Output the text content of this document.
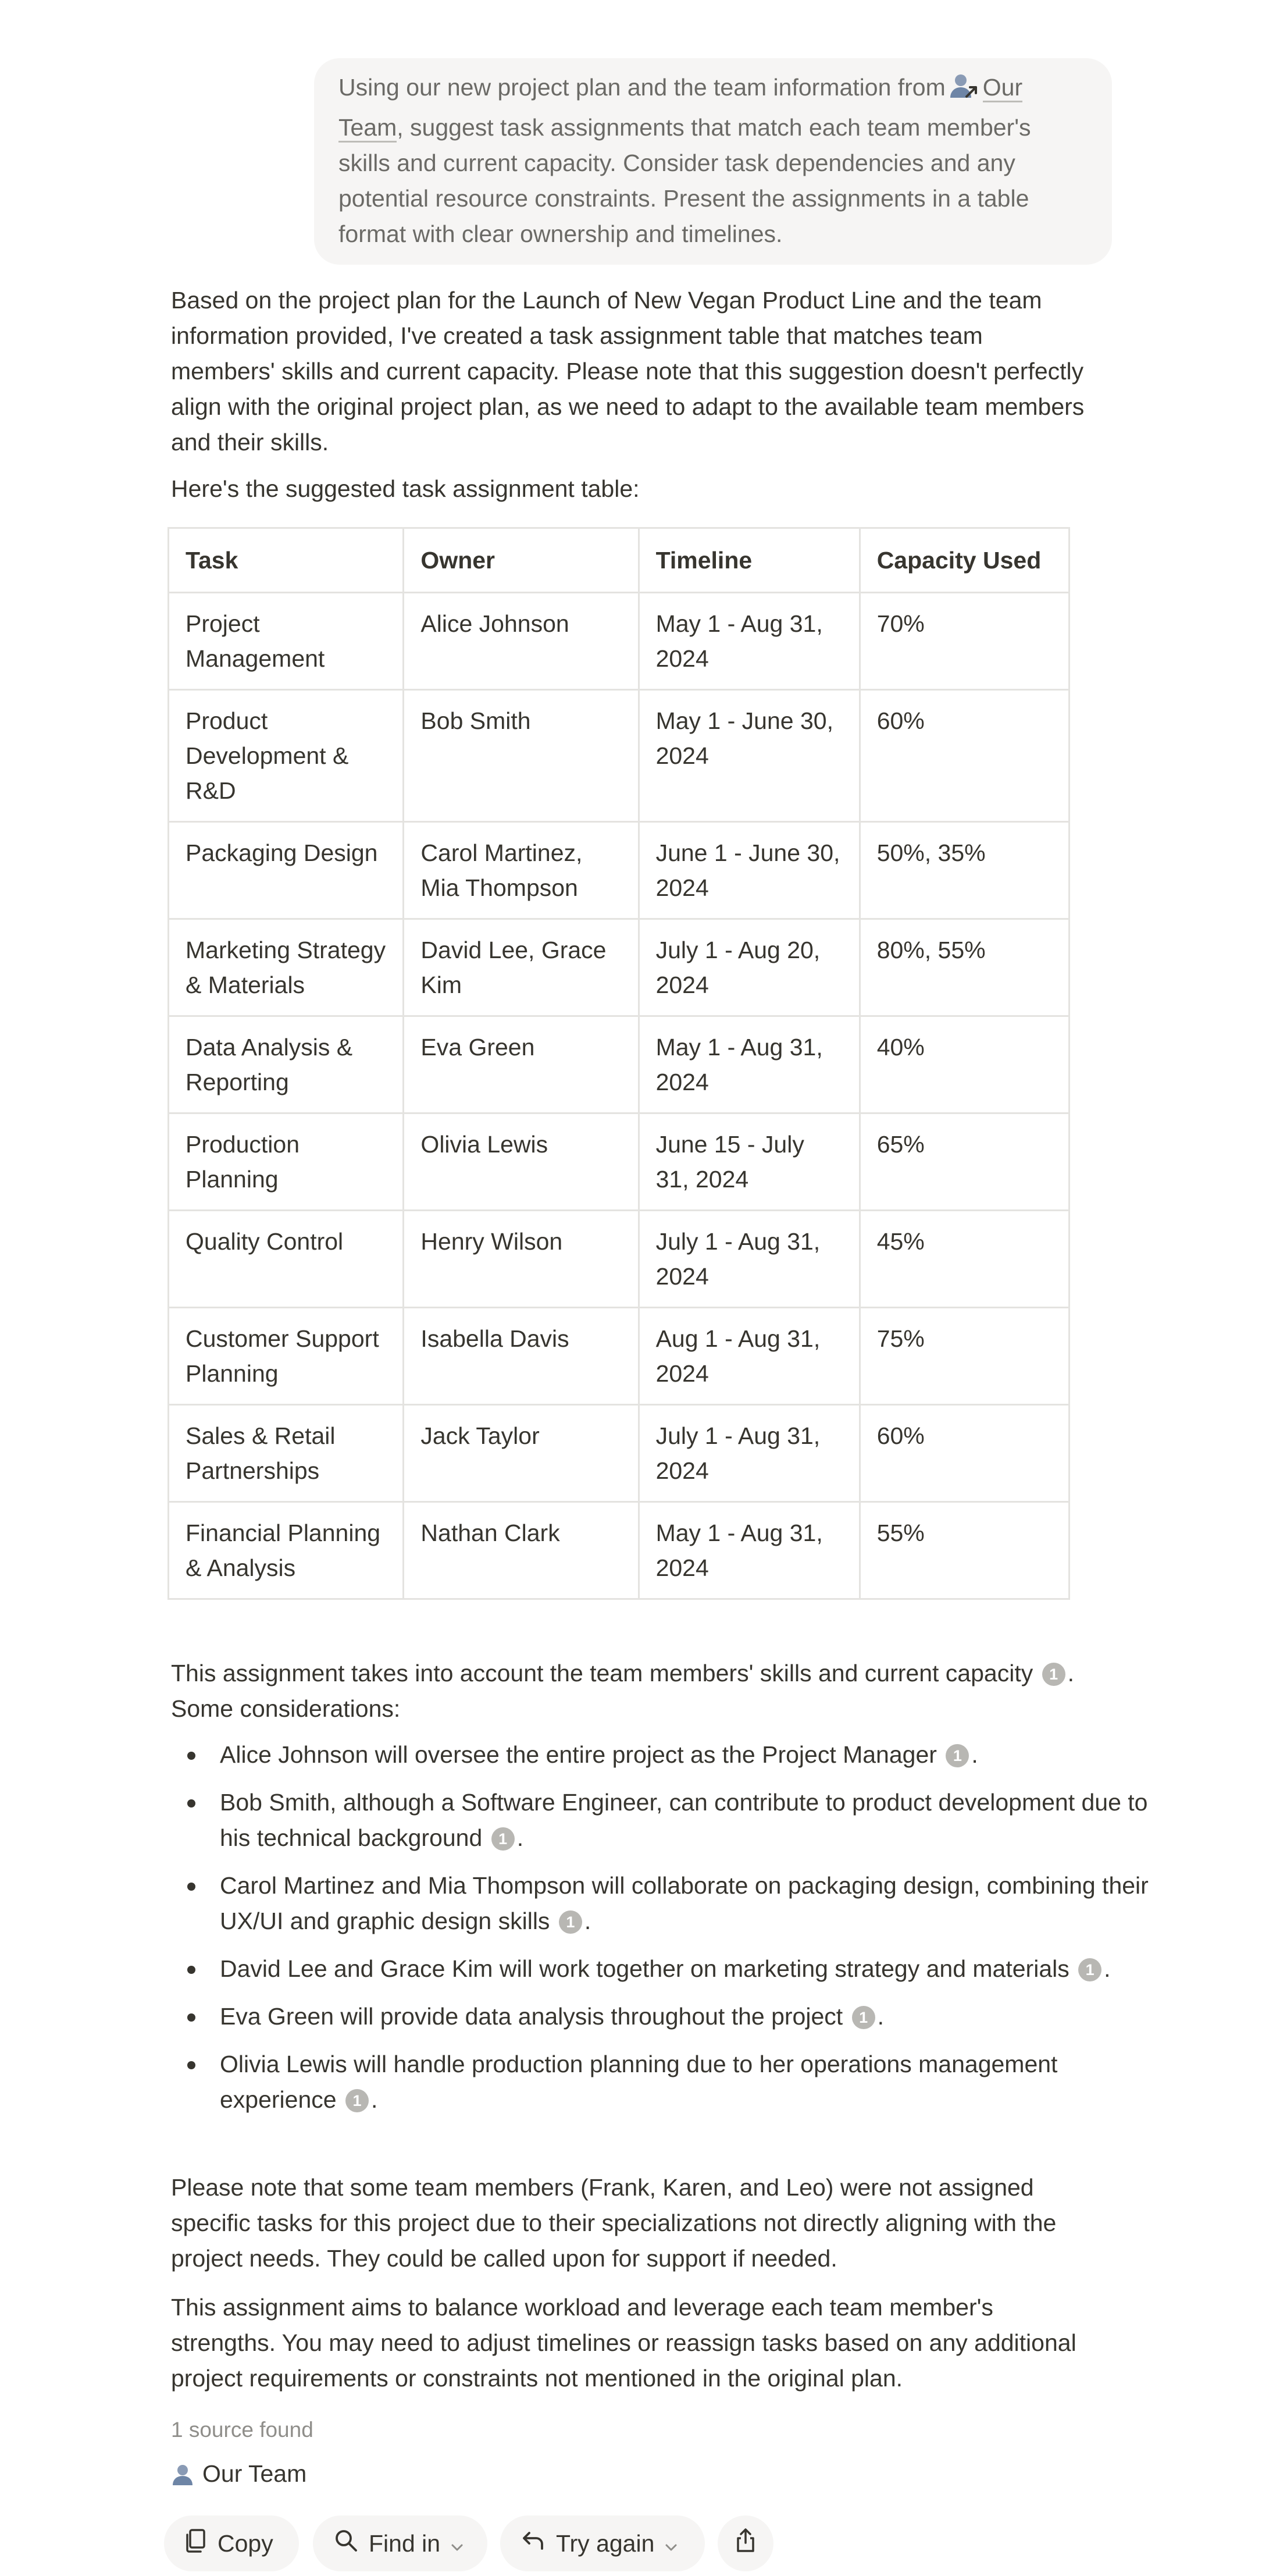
Using our new project plan and the team information from Our Team, suggest task assignments that match each team member's skills and current capacity. Consider task dependencies and any potential resource constraints. Present the assignments in a table format with clear ownership and timelines.
Based on the project plan for the Launch of New Vegan Product Line and the team information provided, I've created a task assignment table that matches team members' skills and current capacity. Please note that this suggestion doesn't perfectly align with the original project plan, as we need to adapt to the available team members and their skills.
Here's the suggested task assignment table:
Task	Owner	Timeline	Capacity Used
Project Management	Alice Johnson	May 1 - Aug 31, 2024	70%
Product Development & R&D	Bob Smith	May 1 - June 30, 2024	60%
Packaging Design	Carol Martinez, Mia Thompson	June 1 - June 30, 2024	50%, 35%
Marketing Strategy & Materials	David Lee, Grace Kim	July 1 - Aug 20, 2024	80%, 55%
Data Analysis & Reporting	Eva Green	May 1 - Aug 31, 2024	40%
Production Planning	Olivia Lewis	June 15 - July 31, 2024	65%
Quality Control	Henry Wilson	July 1 - Aug 31, 2024	45%
Customer Support Planning	Isabella Davis	Aug 1 - Aug 31, 2024	75%
Sales & Retail Partnerships	Jack Taylor	July 1 - Aug 31, 2024	60%
Financial Planning & Analysis	Nathan Clark	May 1 - Aug 31, 2024	55%
This assignment takes into account the team members' skills and current capacity 1 . Some considerations:
Alice Johnson will oversee the entire project as the Project Manager 1 .
Bob Smith, although a Software Engineer, can contribute to product development due to his technical background 1 .
Carol Martinez and Mia Thompson will collaborate on packaging design, combining their UX/UI and graphic design skills 1 .
David Lee and Grace Kim will work together on marketing strategy and materials 1 .
Eva Green will provide data analysis throughout the project 1 .
Olivia Lewis will handle production planning due to her operations management experience 1 .
Please note that some team members (Frank, Karen, and Leo) were not assigned specific tasks for this project due to their specializations not directly aligning with the project needs. They could be called upon for support if needed.
This assignment aims to balance workload and leverage each team member's strengths. You may need to adjust timelines or reassign tasks based on any additional project requirements or constraints not mentioned in the original plan.
1 source found
Our Team
Copy	Find in	Try again
